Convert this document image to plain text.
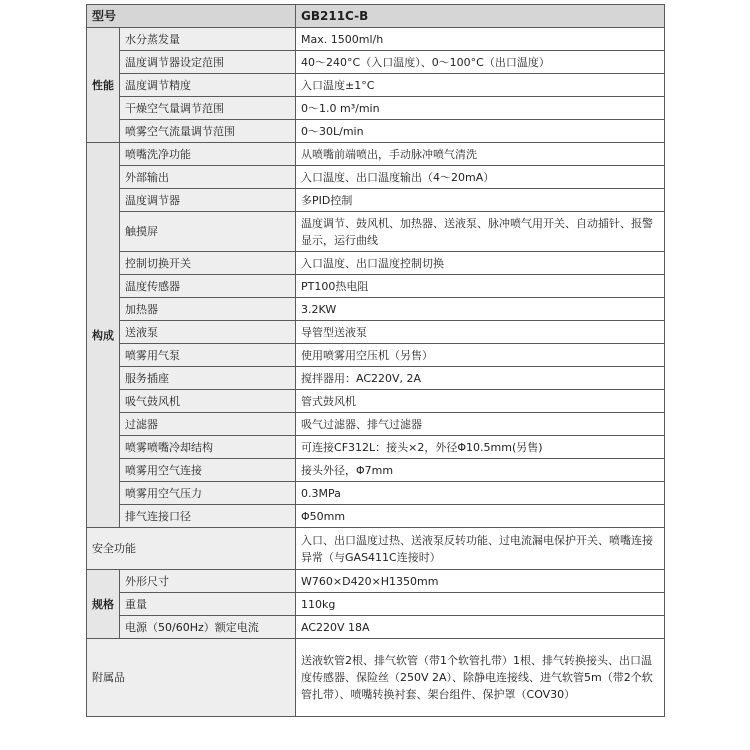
型号		GB211C-B
性能	水分蒸发量	Max. 1500ml/h
	温度调节器设定范围	40～240°C（入口温度）、0～100°C（出口温度）
	温度调节精度	入口温度±1°C
	干燥空气量调节范围	0～1.0 m³/min
	喷雾空气流量调节范围	0～30L/min
构成	喷嘴洗净功能	从喷嘴前端喷出，手动脉冲喷气清洗
	外部输出	入口温度、出口温度输出（4～20mA）
	温度调节器	多PID控制
	触摸屏	温度调节、鼓风机、加热器、送液泵、脉冲喷气用开关、自动捕针、报警显示，运行曲线
	控制切换开关	入口温度、出口温度控制切换
	温度传感器	PT100热电阻
	加热器	3.2KW
	送液泵	导管型送液泵
	喷雾用气泵	使用喷雾用空压机（另售）
	服务插座	搅拌器用：AC220V, 2A
	吸气鼓风机	管式鼓风机
	过滤器	吸气过滤器、排气过滤器
	喷雾喷嘴冷却结构	可连接CF312L：接头×2，外径Φ10.5mm(另售)
	喷雾用空气连接	接头外径，Φ7mm
	喷雾用空气压力	0.3MPa
	排气连接口径	Φ50mm
安全功能		入口、出口温度过热、送液泵反转功能、过电流漏电保护开关、喷嘴连接异常（与GAS411C连接时）
规格	外形尺寸	W760×D420×H1350mm
	重量	110kg
	电源（50/60Hz）额定电流	AC220V 18A
附属品		送液软管2根、排气软管（带1个软管扎带）1根、排气转换接头、出口温度传感器、保险丝（250V 2A）、除静电连接线、进气软管5m（带2个软管扎带）、喷嘴转换衬套、架台组件、保护罩（COV30）
